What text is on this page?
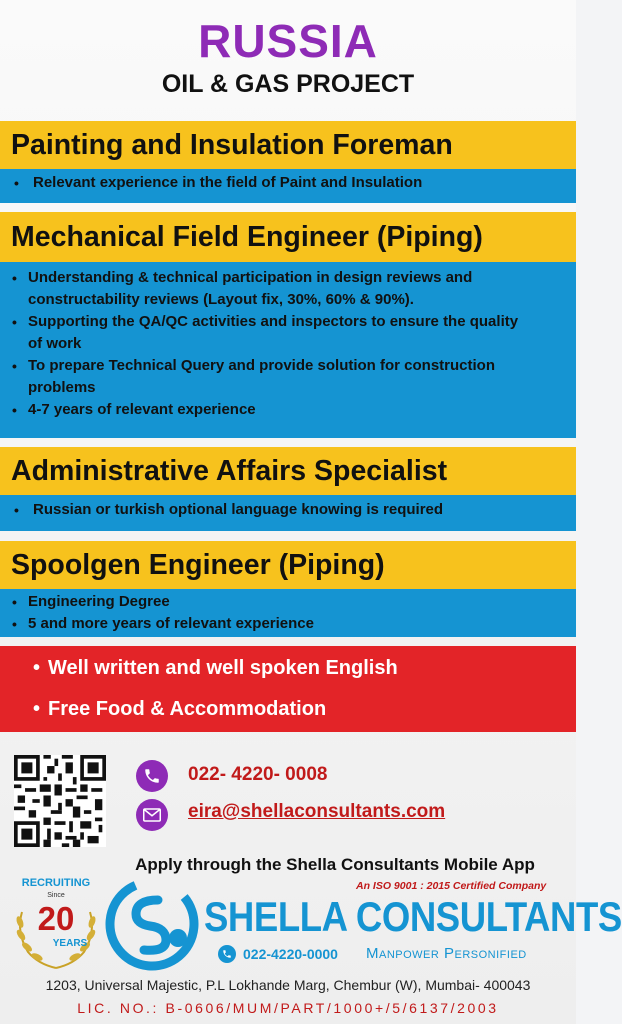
RUSSIA
OIL & GAS PROJECT
Painting and Insulation Foreman
• Relevant experience in the field of Paint and Insulation
Mechanical Field Engineer (Piping)
• Understanding & technical participation in design reviews and
constructability reviews (Layout fix, 30%, 60% & 90%).
• Supporting the QA/QC activities and inspectors to ensure the quality
of work
• To prepare Technical Query and provide solution for construction
problems
• 4-7 years of relevant experience
Administrative Affairs Specialist
• Russian or turkish optional language knowing is required
Spoolgen Engineer (Piping)
• Engineering Degree
• 5 and more years of relevant experience
• Well written and well spoken English
• Free Food & Accommodation
022- 4220- 0008
eira@shellaconsultants.com
Apply through the Shella Consultants Mobile App
RECRUITING
Since
20
YEARS
An ISO 9001 : 2015 Certified Company
SHELLA CONSULTANTS
022-4220-0000 Manpower Personified
1203, Universal Majestic, P.L Lokhande Marg, Chembur (W), Mumbai- 400043
LIC. NO.: B-0606/MUM/PART/1000+/5/6137/2003
